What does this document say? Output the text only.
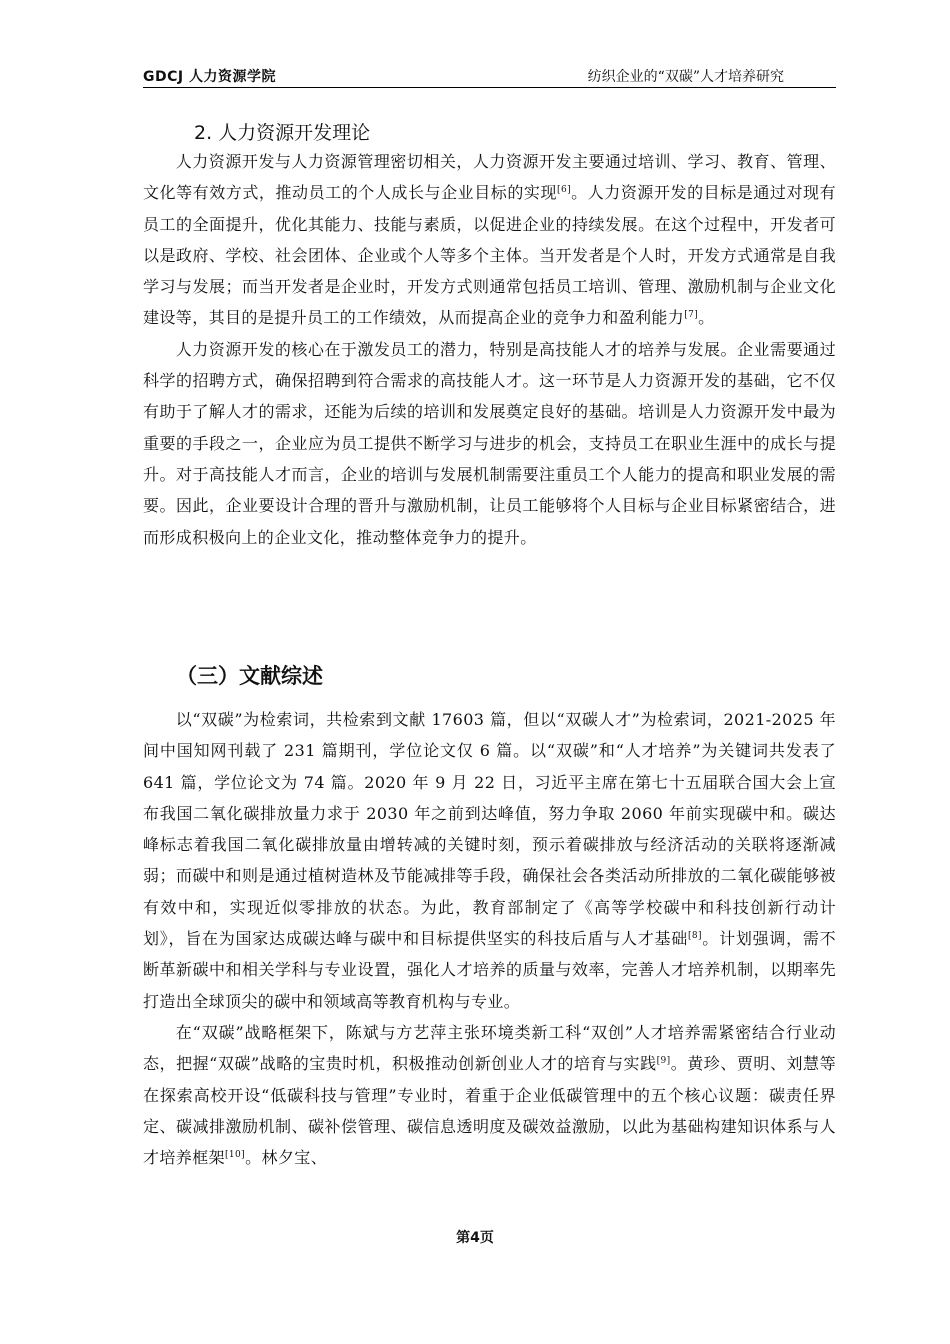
GDCJ 人力资源学院	纺织企业的“双碳”人才培养研究
2. 人力资源开发理论

人力资源开发与人力资源管理密切相关，人力资源开发主要通过培训、学习、教育、管理、文化等有效方式，推动员工的个人成长与企业目标的实现[6]。人力资源开发的目标是通过对现有员工的全面提升，优化其能力、技能与素质，以促进企业的持续发展。在这个过程中，开发者可以是政府、学校、社会团体、企业或个人等多个主体。当开发者是个人时，开发方式通常是自我学习与发展；而当开发者是企业时，开发方式则通常包括员工培训、管理、激励机制与企业文化建设等，其目的是提升员工的工作绩效，从而提高企业的竞争力和盈利能力[7]。

人力资源开发的核心在于激发员工的潜力，特别是高技能人才的培养与发展。企业需要通过科学的招聘方式，确保招聘到符合需求的高技能人才。这一环节是人力资源开发的基础，它不仅有助于了解人才的需求，还能为后续的培训和发展奠定良好的基础。培训是人力资源开发中最为重要的手段之一，企业应为员工提供不断学习与进步的机会，支持员工在职业生涯中的成长与提升。对于高技能人才而言，企业的培训与发展机制需要注重员工个人能力的提高和职业发展的需要。因此，企业要设计合理的晋升与激励机制，让员工能够将个人目标与企业目标紧密结合，进而形成积极向上的企业文化，推动整体竞争力的提升。

（三）文献综述

以“双碳”为检索词，共检索到文献 17603 篇，但以“双碳人才”为检索词，2021-2025 年间中国知网刊载了 231 篇期刊，学位论文仅 6 篇。以“双碳”和“人才培养”为关键词共发表了 641 篇，学位论文为 74 篇。2020 年 9 月 22 日，习近平主席在第七十五届联合国大会上宣布我国二氧化碳排放量力求于 2030 年之前到达峰值，努力争取 2060 年前实现碳中和。碳达峰标志着我国二氧化碳排放量由增转减的关键时刻，预示着碳排放与经济活动的关联将逐渐减弱；而碳中和则是通过植树造林及节能减排等手段，确保社会各类活动所排放的二氧化碳能够被有效中和，实现近似零排放的状态。为此，教育部制定了《高等学校碳中和科技创新行动计划》，旨在为国家达成碳达峰与碳中和目标提供坚实的科技后盾与人才基础[8]。计划强调，需不断革新碳中和相关学科与专业设置，强化人才培养的质量与效率，完善人才培养机制，以期率先打造出全球顶尖的碳中和领域高等教育机构与专业。

在“双碳”战略框架下，陈斌与方艺萍主张环境类新工科“双创”人才培养需紧密结合行业动态，把握“双碳”战略的宝贵时机，积极推动创新创业人才的培育与实践[9]。黄珍、贾明、刘慧等在探索高校开设“低碳科技与管理”专业时，着重于企业低碳管理中的五个核心议题：碳责任界定、碳减排激励机制、碳补偿管理、碳信息透明度及碳效益激励，以此为基础构建知识体系与人才培养框架[10]。林夕宝、

第4页
